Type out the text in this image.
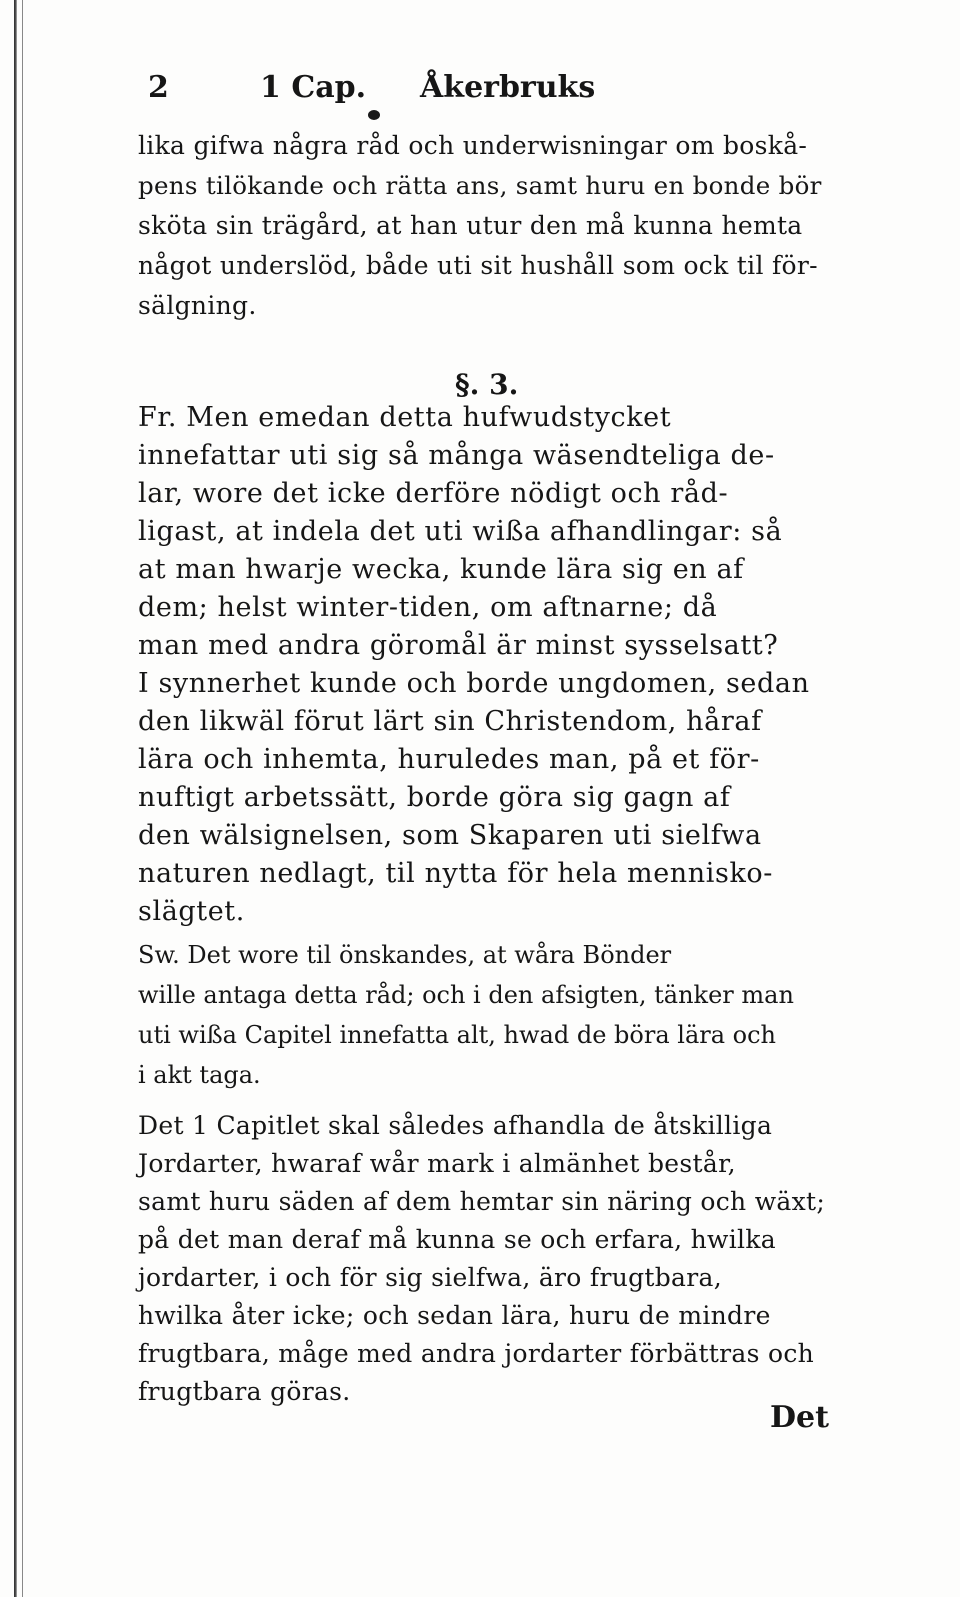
2	1 Cap. Åkerbruks
lika gifwa några råd och underwisningar om boskå-
pens tilökande och rätta ans, samt huru en bonde bör
sköta sin trägård, at han utur den må kunna hemta
något underslöd, både uti sit hushåll som ock til för-
sälgning.
§. 3.
Fr. Men emedan detta hufwudstycket
innefattar uti sig så många wäsendteliga de-
lar, wore det icke derföre nödigt och råd-
ligast, at indela det uti wißa afhandlingar: så
at man hwarje wecka, kunde lära sig en af
dem; helst winter-tiden, om aftnarne; då
man med andra göromål är minst sysselsatt?
I synnerhet kunde och borde ungdomen, sedan
den likwäl förut lärt sin Christendom, håraf
lära och inhemta, huruledes man, på et för-
nuftigt arbetssätt, borde göra sig gagn af
den wälsignelsen, som Skaparen uti sielfwa
naturen nedlagt, til nytta för hela mennisko-
slägtet.
Sw. Det wore til önskandes, at wåra Bönder
wille antaga detta råd; och i den afsigten, tänker man
uti wißa Capitel innefatta alt, hwad de böra lära och
i akt taga.
Det 1 Capitlet skal således afhandla de åtskilliga
Jordarter, hwaraf wår mark i almänhet består,
samt huru säden af dem hemtar sin näring och wäxt;
på det man deraf må kunna se och erfara, hwilka
jordarter, i och för sig sielfwa, äro frugtbara,
hwilka åter icke; och sedan lära, huru de mindre
frugtbara, måge med andra jordarter förbättras och
frugtbara göras.
Det
